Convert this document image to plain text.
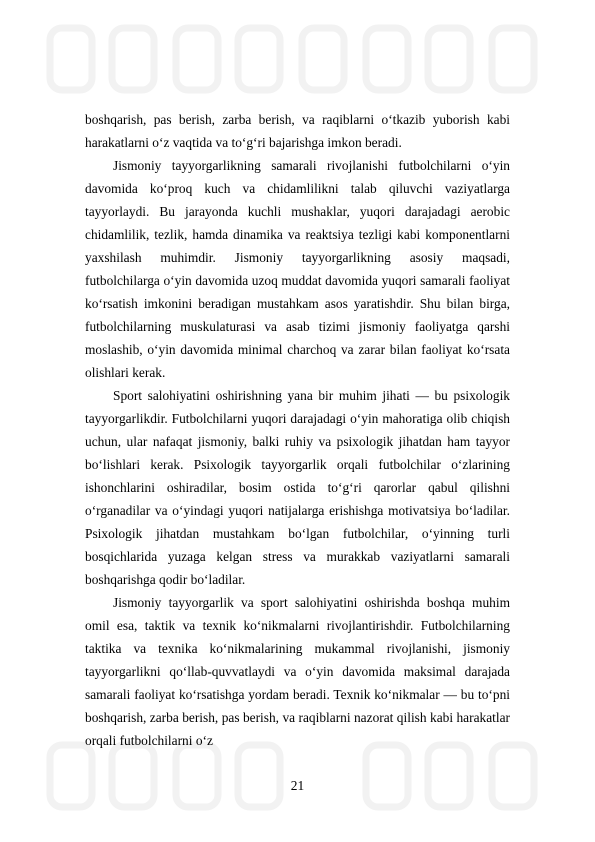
boshqarish, pas berish, zarba berish, va raqiblarni o‘tkazib yuborish kabi harakatlarni o‘z vaqtida va to‘g‘ri bajarishga imkon beradi.

Jismoniy tayyorgarlikning samarali rivojlanishi futbolchilarni o‘yin davomida ko‘proq kuch va chidamlilikni talab qiluvchi vaziyatlarga tayyorlaydi. Bu jarayonda kuchli mushaklar, yuqori darajadagi aerobic chidamlilik, tezlik, hamda dinamika va reaktsiya tezligi kabi komponentlarni yaxshilash muhimdir. Jismoniy tayyorgarlikning asosiy maqsadi, futbolchilarga o‘yin davomida uzoq muddat davomida yuqori samarali faoliyat ko‘rsatish imkonini beradigan mustahkam asos yaratishdir. Shu bilan birga, futbolchilarning muskulaturasi va asab tizimi jismoniy faoliyatga qarshi moslashib, o‘yin davomida minimal charchoq va zarar bilan faoliyat ko‘rsata olishlari kerak.

Sport salohiyatini oshirishning yana bir muhim jihati — bu psixologik tayyorgarlikdir. Futbolchilarni yuqori darajadagi o‘yin mahoratiga olib chiqish uchun, ular nafaqat jismoniy, balki ruhiy va psixologik jihatdan ham tayyor bo‘lishlari kerak. Psixologik tayyorgarlik orqali futbolchilar o‘zlarining ishonchlarini oshiradilar, bosim ostida to‘g‘ri qarorlar qabul qilishni o‘rganadilar va o‘yindagi yuqori natijalarga erishishga motivatsiya bo‘ladilar. Psixologik jihatdan mustahkam bo‘lgan futbolchilar, o‘yinning turli bosqichlarida yuzaga kelgan stress va murakkab vaziyatlarni samarali boshqarishga qodir bo‘ladilar.

Jismoniy tayyorgarlik va sport salohiyatini oshirishda boshqa muhim omil esa, taktik va texnik ko‘nikmalarni rivojlantirishdir. Futbolchilarning taktika va texnika ko‘nikmalarining mukammal rivojlanishi, jismoniy tayyorgarlikni qo‘llab-quvvatlaydi va o‘yin davomida maksimal darajada samarali faoliyat ko‘rsatishga yordam beradi. Texnik ko‘nikmalar — bu to‘pni boshqarish, zarba berish, pas berish, va raqiblarni nazorat qilish kabi harakatlar orqali futbolchilarni o‘z

21
